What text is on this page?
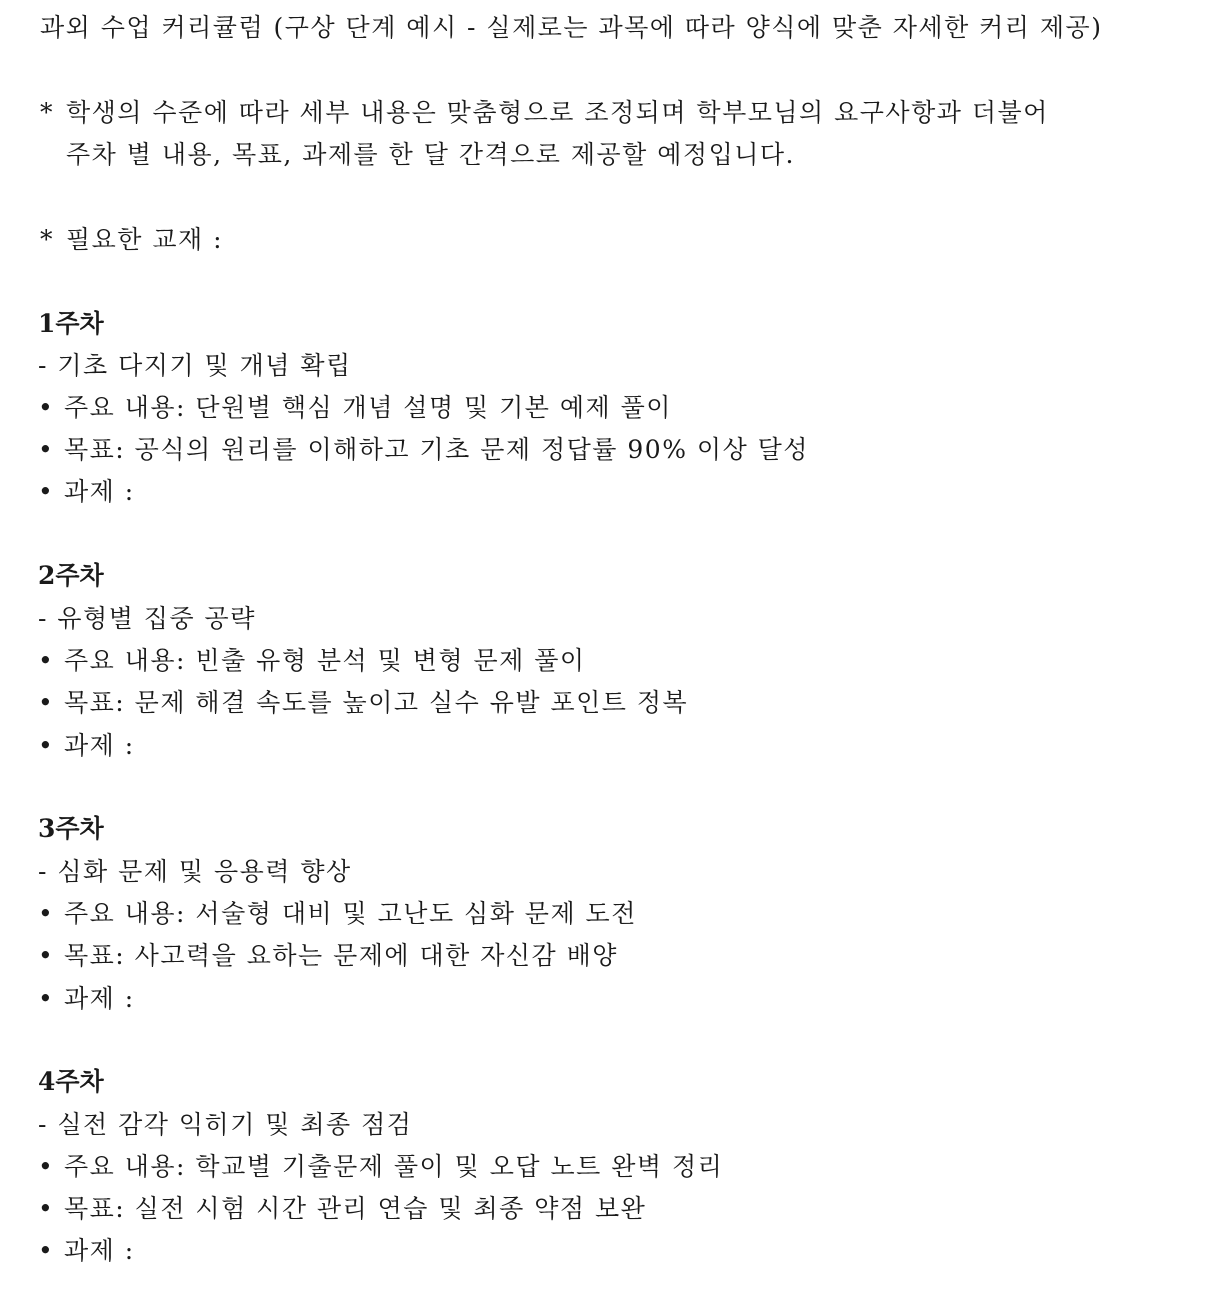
과외 수업 커리큘럼 (구상 단계 예시 - 실제로는 과목에 따라 양식에 맞춘 자세한 커리 제공)
* 학생의 수준에 따라 세부 내용은 맞춤형으로 조정되며 학부모님의 요구사항과 더불어
주차 별 내용, 목표, 과제를 한 달 간격으로 제공할 예정입니다.
* 필요한 교재 :
1주차
- 기초 다지기 및 개념 확립
• 주요 내용: 단원별 핵심 개념 설명 및 기본 예제 풀이
• 목표: 공식의 원리를 이해하고 기초 문제 정답률 90% 이상 달성
• 과제 :
2주차
- 유형별 집중 공략
• 주요 내용: 빈출 유형 분석 및 변형 문제 풀이
• 목표: 문제 해결 속도를 높이고 실수 유발 포인트 정복
• 과제 :
3주차
- 심화 문제 및 응용력 향상
• 주요 내용: 서술형 대비 및 고난도 심화 문제 도전
• 목표: 사고력을 요하는 문제에 대한 자신감 배양
• 과제 :
4주차
- 실전 감각 익히기 및 최종 점검
• 주요 내용: 학교별 기출문제 풀이 및 오답 노트 완벽 정리
• 목표: 실전 시험 시간 관리 연습 및 최종 약점 보완
• 과제 :
